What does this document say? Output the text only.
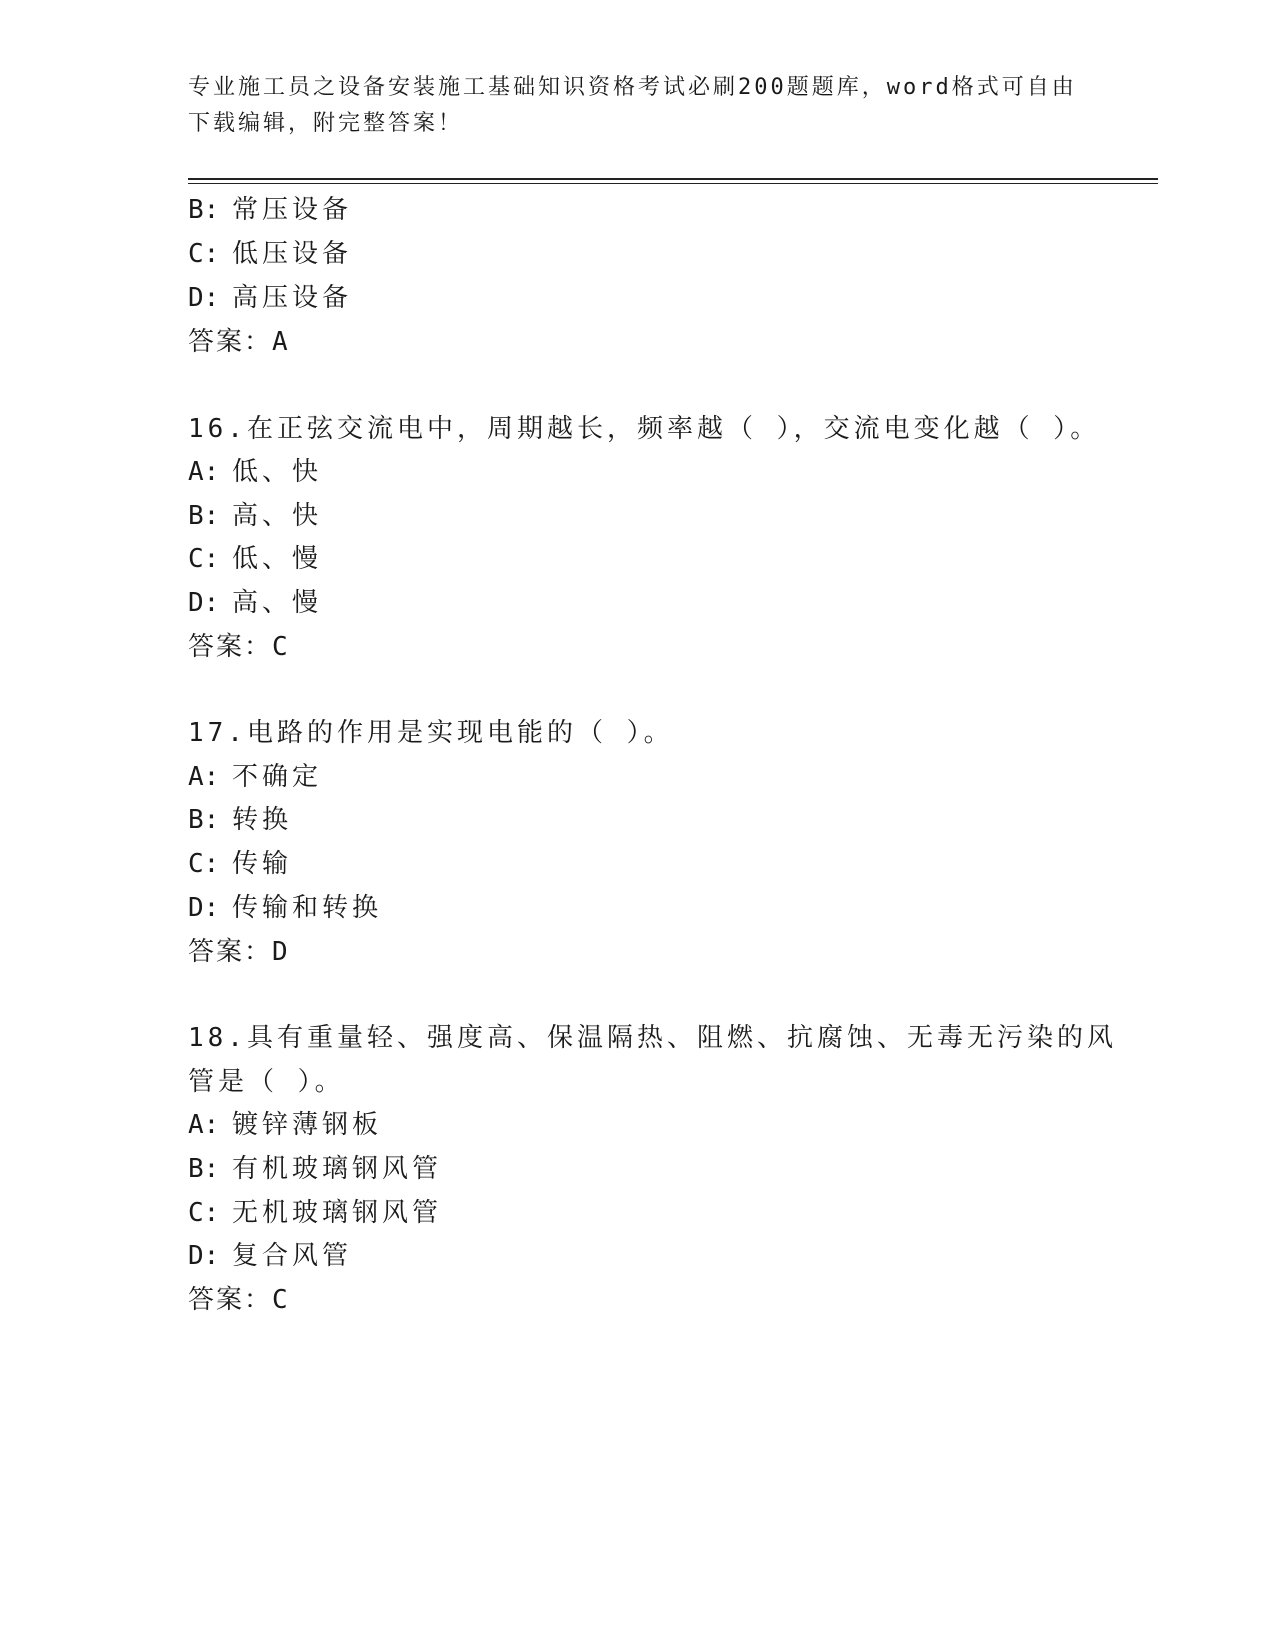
专业施工员之设备安装施工基础知识资格考试必刷200题题库，word格式可自由
下载编辑，附完整答案！
B: 常压设备
C: 低压设备
D: 高压设备
答案：A
16.在正弦交流电中，周期越长，频率越（ ），交流电变化越（ ）。
A: 低、快
B: 高、快
C: 低、慢
D: 高、慢
答案：C
17.电路的作用是实现电能的（ ）。
A: 不确定
B: 转换
C: 传输
D: 传输和转换
答案：D
18.具有重量轻、强度高、保温隔热、阻燃、抗腐蚀、无毒无污染的风
管是（ ）。
A: 镀锌薄钢板
B: 有机玻璃钢风管
C: 无机玻璃钢风管
D: 复合风管
答案：C
